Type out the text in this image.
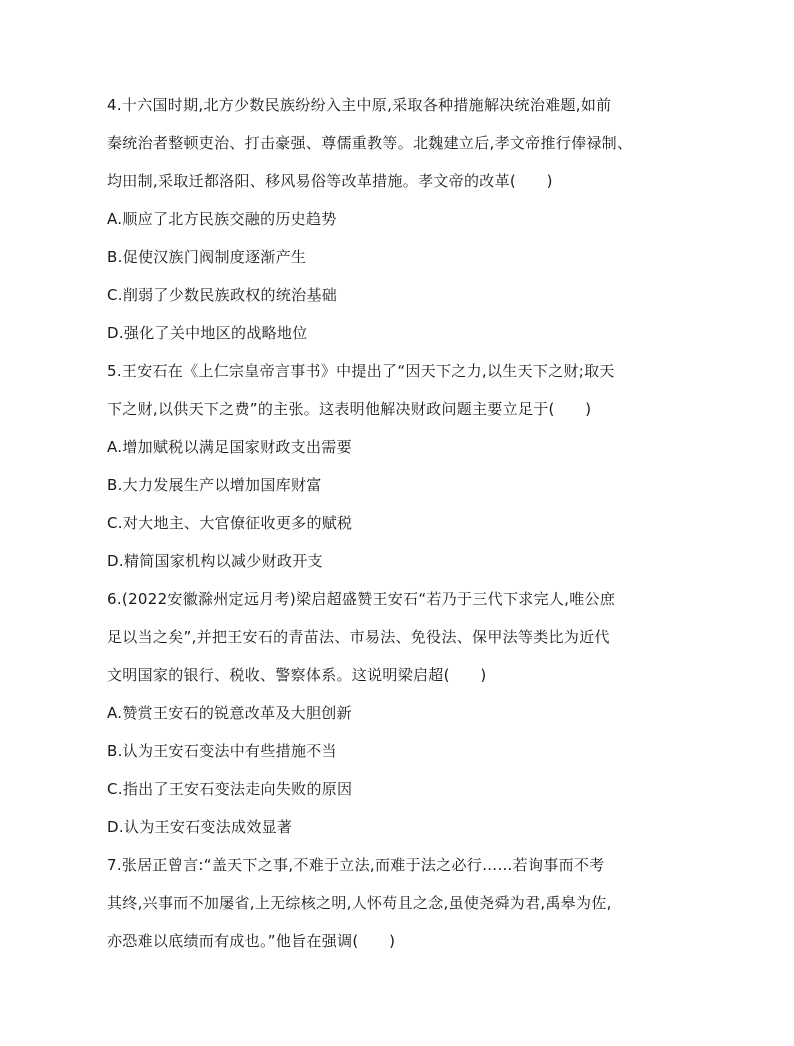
4.十六国时期,北方少数民族纷纷入主中原,采取各种措施解决统治难题,如前
秦统治者整顿吏治、打击豪强、尊儒重教等。北魏建立后,孝文帝推行俸禄制、
均田制,采取迁都洛阳、移风易俗等改革措施。孝文帝的改革(　　)
A.顺应了北方民族交融的历史趋势
B.促使汉族门阀制度逐渐产生
C.削弱了少数民族政权的统治基础
D.强化了关中地区的战略地位
5.王安石在《上仁宗皇帝言事书》中提出了“因天下之力,以生天下之财;取天
下之财,以供天下之费”的主张。这表明他解决财政问题主要立足于(　　)
A.增加赋税以满足国家财政支出需要
B.大力发展生产以增加国库财富
C.对大地主、大官僚征收更多的赋税
D.精简国家机构以减少财政开支
6.(2022安徽滁州定远月考)梁启超盛赞王安石“若乃于三代下求完人,唯公庶
足以当之矣”,并把王安石的青苗法、市易法、免役法、保甲法等类比为近代
文明国家的银行、税收、警察体系。这说明梁启超(　　)
A.赞赏王安石的锐意改革及大胆创新
B.认为王安石变法中有些措施不当
C.指出了王安石变法走向失败的原因
D.认为王安石变法成效显著
7.张居正曾言:“盖天下之事,不难于立法,而难于法之必行……若询事而不考
其终,兴事而不加屡省,上无综核之明,人怀苟且之念,虽使尧舜为君,禹皋为佐,
亦恐难以底绩而有成也。”他旨在强调(　　)
